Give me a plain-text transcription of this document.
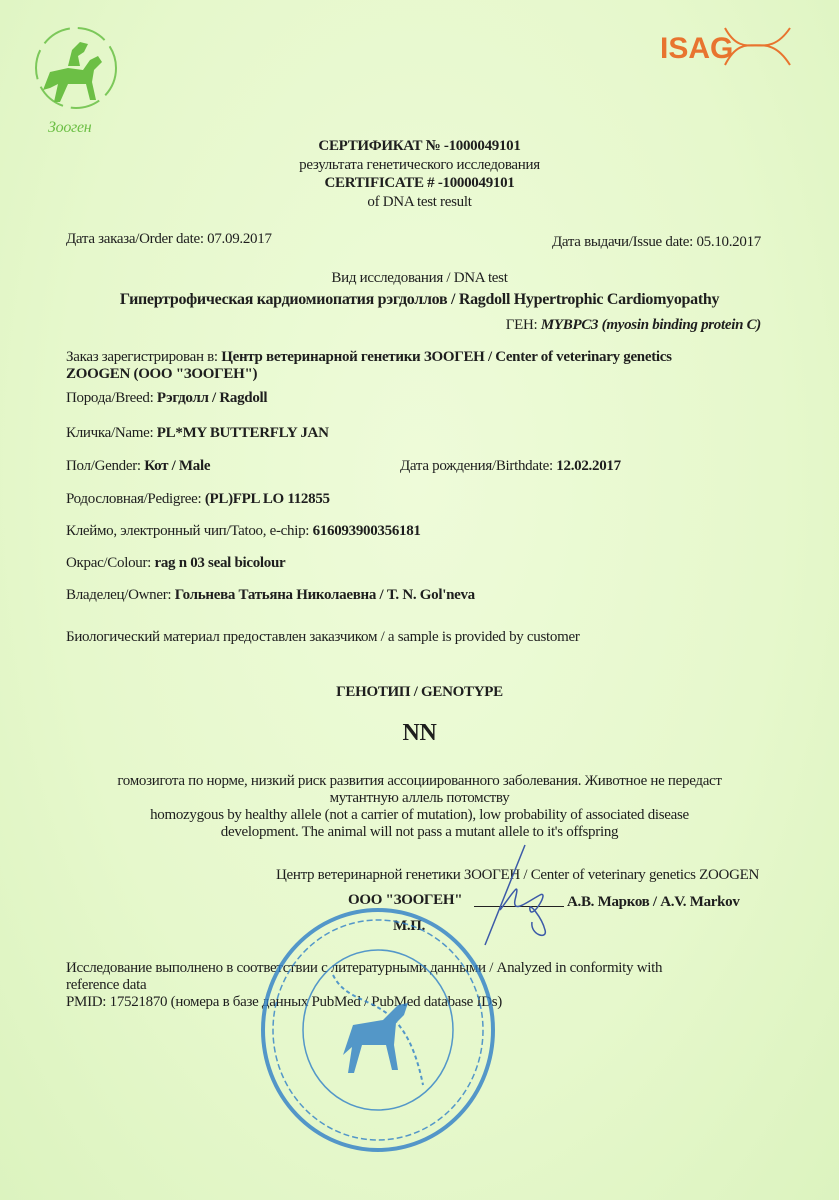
Зооген
ISAG
СЕРТИФИКАТ № -1000049101
результата генетического исследования
CERTIFICATE # -1000049101
of DNA test result
Дата заказа/Order date: 07.09.2017	Дата выдачи/Issue date: 05.10.2017
Вид исследования / DNA test
Гипертрофическая кардиомиопатия рэгдоллов / Ragdoll Hypertrophic Cardiomyopathy
ГЕН: MYBPC3 (myosin binding protein C)
Заказ зарегистрирован в: Центр ветеринарной генетики ЗООГЕН / Center of veterinary genetics
ZOOGEN (ООО "ЗООГЕН")
Порода/Breed: Рэгдолл / Ragdoll
Кличка/Name: PL*MY BUTTERFLY JAN
Пол/Gender: Кот / Male	Дата рождения/Birthdate: 12.02.2017
Родословная/Pedigree: (PL)FPL LO 112855
Клеймо, электронный чип/Tatoo, e-chip: 616093900356181
Окрас/Colour: rag n 03 seal bicolour
Владелец/Owner: Гольнева Татьяна Николаевна / T. N. Gol'neva
Биологический материал предоставлен заказчиком / a sample is provided by customer
ГЕНОТИП / GENOTYPE
NN
гомозигота по норме, низкий риск развития ассоциированного заболевания. Животное не передаст
мутантную аллель потомству
homozygous by healthy allele (not a carrier of mutation), low probability of associated disease
development. The animal will not pass a mutant allele to it's offspring
Центр ветеринарной генетики ЗООГЕН / Center of veterinary genetics ZOOGEN
ООО "ЗООГЕН"	А.В. Марков / A.V. Markov
М.П.
Исследование выполнено в соответствии с литературными данными / Analyzed in conformity with
reference data
PMID: 17521870 (номера в базе данных PubMed / PubMed database IDs)
